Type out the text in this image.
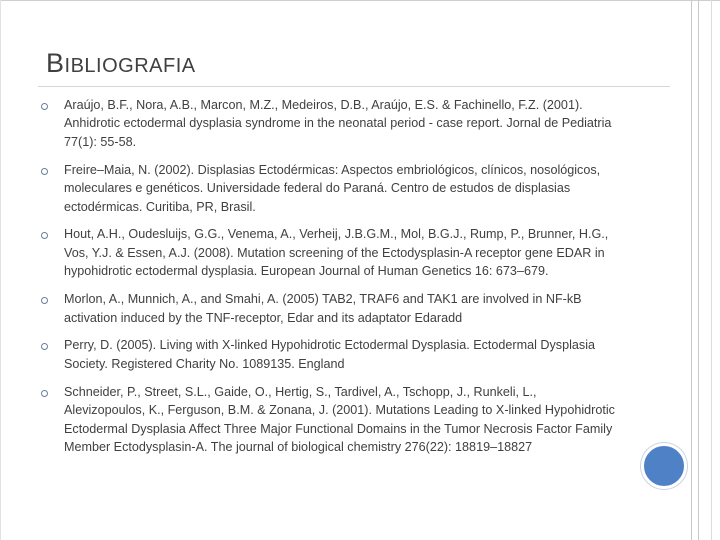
BIBLIOGRAFIA
Araújo, B.F., Nora, A.B., Marcon, M.Z., Medeiros, D.B., Araújo, E.S. & Fachinello, F.Z. (2001). Anhidrotic ectodermal dysplasia syndrome in the neonatal period - case report. Jornal de Pediatria 77(1): 55-58.
Freire–Maia, N. (2002). Displasias Ectodérmicas: Aspectos embriológicos, clínicos, nosológicos, moleculares e genéticos. Universidade federal do Paraná. Centro de estudos de displasias ectodérmicas. Curitiba, PR, Brasil.
Hout, A.H., Oudesluijs, G.G., Venema, A., Verheij, J.B.G.M., Mol, B.G.J., Rump, P., Brunner, H.G., Vos, Y.J. & Essen, A.J. (2008). Mutation screening of the Ectodysplasin-A receptor gene EDAR in hypohidrotic ectodermal dysplasia. European Journal of Human Genetics 16: 673–679.
Morlon, A., Munnich, A., and Smahi, A. (2005) TAB2, TRAF6 and TAK1 are involved in NF-kB activation induced by the TNF-receptor, Edar and its adaptator Edaradd
Perry, D. (2005). Living with X-linked Hypohidrotic Ectodermal Dysplasia. Ectodermal Dysplasia Society. Registered Charity No. 1089135. England
Schneider, P., Street, S.L., Gaide, O., Hertig, S., Tardivel, A., Tschopp, J., Runkeli, L., Alevizopoulos, K., Ferguson, B.M. & Zonana, J. (2001). Mutations Leading to X-linked Hypohidrotic Ectodermal Dysplasia Affect Three Major Functional Domains in the Tumor Necrosis Factor Family Member Ectodysplasin-A. The journal of biological chemistry 276(22): 18819–18827
